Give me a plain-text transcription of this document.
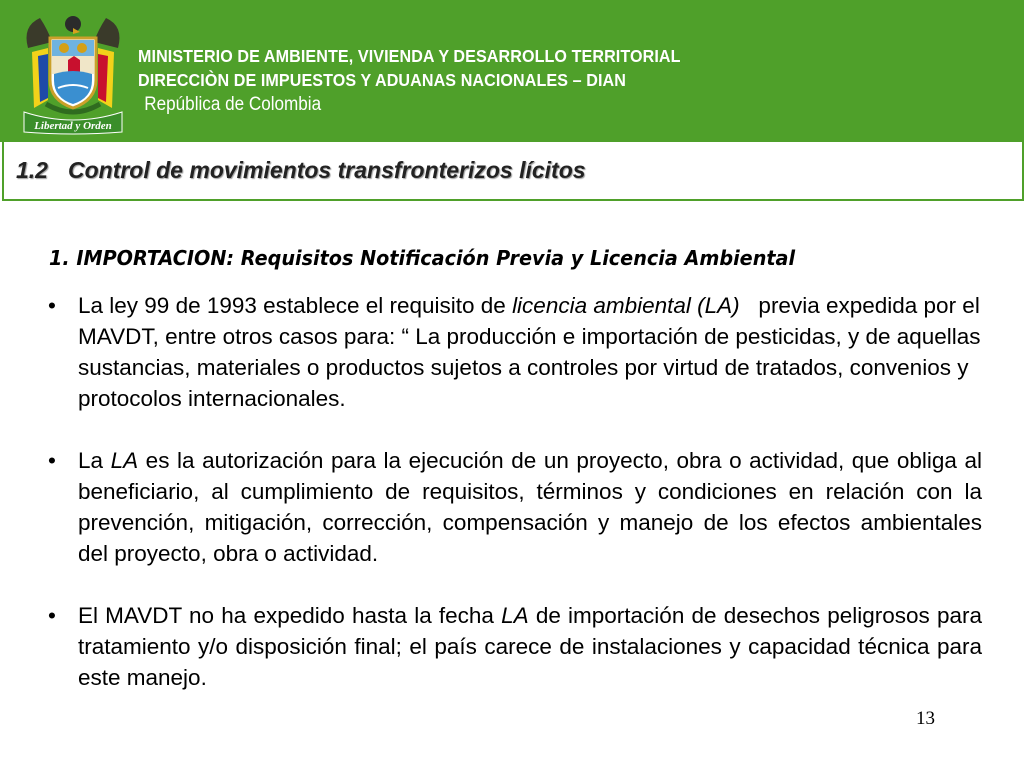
Libertad y Orden
MINISTERIO DE AMBIENTE, VIVIENDA Y DESARROLLO TERRITORIAL
DIRECCIÒN DE IMPUESTOS Y ADUANAS NACIONALES – DIAN
República de Colombia
1.2 Control de movimientos transfronterizos lícitos
1. IMPORTACION: Requisitos Notificación Previa y Licencia Ambiental
• La ley 99 de 1993 establece el requisito de licencia ambiental (LA)   previa expedida por el MAVDT, entre otros casos para: “ La producción e importación de pesticidas, y de aquellas sustancias, materiales o productos sujetos a controles por virtud de tratados, convenios y protocolos internacionales.
• La LA es la autorización para la ejecución de un proyecto, obra o actividad, que obliga al beneficiario, al cumplimiento de requisitos, términos y condiciones en relación con la prevención, mitigación, corrección, compensación y manejo de los efectos ambientales del proyecto, obra o actividad.
• El MAVDT no ha expedido hasta la fecha LA de importación de desechos peligrosos para tratamiento y/o disposición final; el país carece de instalaciones y capacidad técnica para este manejo.
13
